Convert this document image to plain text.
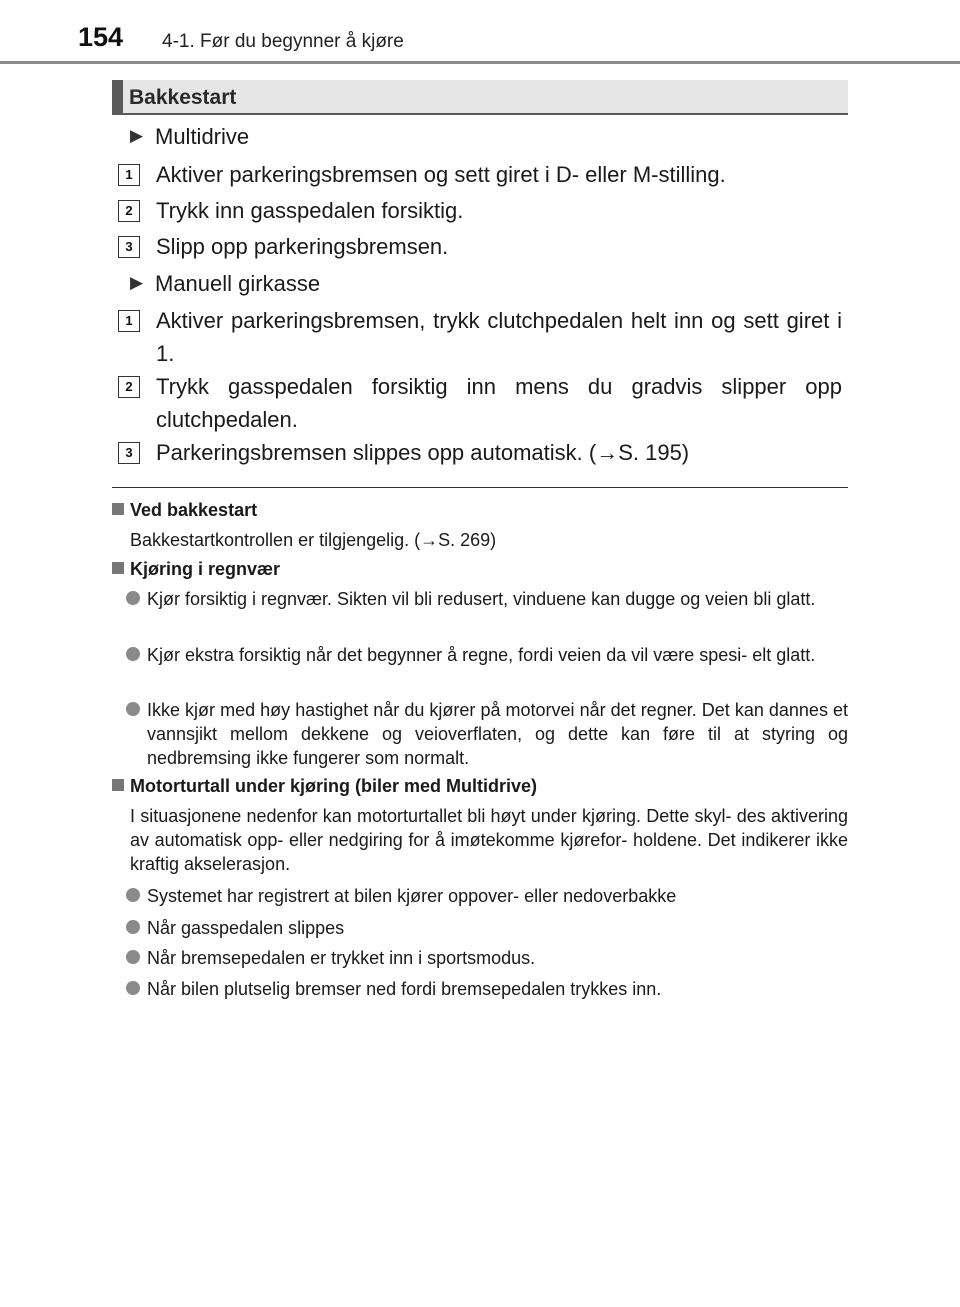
154 4-1. Før du begynner å kjøre
Bakkestart
▶ Multidrive
1	Aktiver parkeringsbremsen og sett giret i D- eller M-stilling.
2	Trykk inn gasspedalen forsiktig.
3	Slipp opp parkeringsbremsen.
▶ Manuell girkasse
1	Aktiver parkeringsbremsen, trykk clutchpedalen helt inn og sett giret i 1.
2	Trykk gasspedalen forsiktig inn mens du gradvis slipper opp clutchpedalen.
3	Parkeringsbremsen slippes opp automatisk. (→S. 195)
Ved bakkestart
Bakkestartkontrollen er tilgjengelig. (→S. 269)
Kjøring i regnvær
Kjør forsiktig i regnvær. Sikten vil bli redusert, vinduene kan dugge og veien bli glatt.
Kjør ekstra forsiktig når det begynner å regne, fordi veien da vil være spesi- elt glatt.
Ikke kjør med høy hastighet når du kjører på motorvei når det regner. Det kan dannes et vannsjikt mellom dekkene og veioverflaten, og dette kan føre til at styring og nedbremsing ikke fungerer som normalt.
Motorturtall under kjøring (biler med Multidrive)
I situasjonene nedenfor kan motorturtallet bli høyt under kjøring. Dette skyl- des aktivering av automatisk opp- eller nedgiring for å imøtekomme kjørefor- holdene. Det indikerer ikke kraftig akselerasjon.
Systemet har registrert at bilen kjører oppover- eller nedoverbakke
Når gasspedalen slippes
Når bremsepedalen er trykket inn i sportsmodus.
Når bilen plutselig bremser ned fordi bremsepedalen trykkes inn.
